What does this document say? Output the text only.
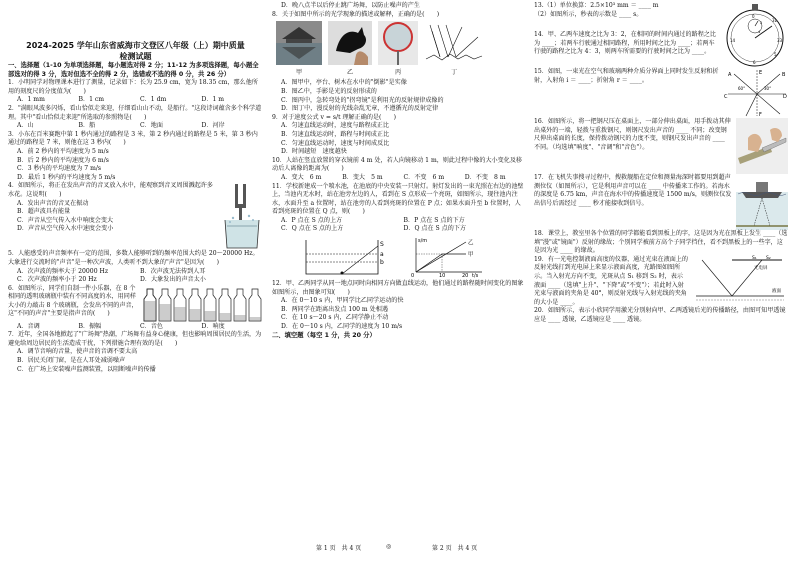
2024-2025 学年山东省威海市文登区八年级（上）期中质量
检测试题

一、选择题（1-10 为单项选择题，每小题选对得 2 分；11-12 为多项选择题，每小题全部选对的得 3 分，选对但选不全的得 2 分，选错或不选的得 0 分，共 26 分）

1．小明同学对物理课本进行了测量，记录如下：长为 25.9 cm，宽为 18.35 cm，那么他所用的刻度尺的分度值为(　　)

A．1 mm	B．1 cm	C．1 dm	D．1 m

2．"满眼风波多闪烁，看山恰似走来迎，仔细看山山不动，是船行。"这段诗词蕴含多个科学道理。其中"看山恰似走来迎"所选取的参照物是(　　)

A．山	B．船	C．地面	D．河岸

3．小东在百米赛跑中第 1 秒内通过的路程是 3 米，第 2 秒内通过的路程是 5 米，第 3 秒内通过的路程是 7 米，则他在这 3 秒内(　　)

A．前 2 秒内的平均速度为 5 m/s

B．后 2 秒内的平均速度为 6 m/s

C．3 秒内的平均速度为 7 m/s

D．最后 1 秒内的平均速度为 5 m/s

4．如图所示，将正在发出声音的音叉放入水中，能观察到音叉周围溅起许多水花。这说明(　　)

A．发出声音的音叉在振动

B．超声波具有能量

C．声音从空气传入水中响度会变大

D．声音从空气传入水中速度会变小

5．人能感受的声音频率有一定的范围，多数人能够听到的频率范围大约是 20～20000 Hz。大象进行交流时的"声音"是一种次声波，人类听不到大象的"声音"是因为(　　)

A．次声波的频率大于 20000 Hz	B．次声波无法传到人耳
C．次声波的频率小于 20 Hz	D．大象发出的声音太小

6．如图所示，同学们自制一件小乐器，在 8 个相同的透明玻璃瓶中装有不同高度的水，用同样大小的力敲击 8 个玻璃瓶，会发出不同的声音，这"不同的声音"主要是指声音的(　　)

A．音调	B．振幅	C．音色	D．响度

7．近年，全国各地掀起了"广场舞"热潮，广场舞有益身心健康，但也影响周围居民的生活，为避免给周边居民的生活造成干扰，下列措施合理有效的是(　　)

A．调节音响的音量，使声音的音调不要太高

B．居民关闭门窗，是在人耳处减弱噪声

C．在广场上安装噪声监测装置，以阻断噪声的传播

D．晚八点半以后停止跳广场舞，以防止噪声的产生

8．关于如图中所示的光学现象的描述或解释，正确的是(　　)

甲	乙	丙	丁

A．图甲中，亭台、树木在水中的"倒影"是实像

B．图乙中，手影是光的反射形成的

C．图丙中，急转弯处的"拐弯镜"是利用光的反射规律成像的

D．图丁中，漫反射的光线杂乱无章，不遵循光的反射定律

9．对于速度公式 v = s/t 理解正确的是(　　)

A．匀速直线运动时，速度与路程成正比

B．匀速直线运动时，路程与时间成正比

C．匀速直线运动时，速度与时间成反比

D．时间越短　速度越快

10．人站在竖直放置的穿衣镜前 4 m 处，若人向镜移动 1 m，则此过程中像的大小变化及移动后人离像的距离为(　　)

A．变大　6 m	B．变大　5 m	C．不变　6 m	D．不变　8 m

11．学校新建成一个喷水池，在池底的中央安装一只射灯。射灯发出的一束光照在右边的池壁上，当池内无水时，站在池旁左边的人，看到在 S 点形成一个亮斑，如图所示，现往池内注水，水面升至 a 位置时，站在池旁的人看到亮斑的位置在 P 点；如果水面升至 b 位置时，人看到亮斑的位置在 Q 点，则(　　)

A．P 点在 S 点的上方	B．P 点在 S 点的下方
C．Q 点在 S 点的上方	D．Q 点在 S 点的下方
S
a
b
乙
甲
s/m
t/s
0	10	20

12．甲、乙两同学从同一地点同时向相同方向做直线运动，他们通过的路程随时间变化的图象如图所示，由图象可知(　　)

A．在 0～10 s 内，甲同学比乙同学运动的快

B．两同学在距离出发点 100 m 处相遇

C．在 10 s～20 s 内，乙同学静止不动

D．在 0～10 s 内，乙同学的速度为 10 m/s

二、填空题（每空 1 分，共 20 分）

0
31
2
33
4
5
14
6

13.（1）单位换算：2.5×10³ mm ＝ ____ m

（2）如图所示，秒表的示数是 ____ s。

14．甲、乙两车速度之比为 3：2，在相同的时间内通过的路程之比为 ____；若两车行驶通过相同路程，所用时间之比为 ____；若两车行驶的路程之比为 4：3，则两车所需要的行驶时间之比为 ____。

A	B
C	D
E
F
60°	30°

15．如图，一束光在空气和玻璃两种介质分界面上同时发生反射和折射，入射角 i ＝ ____；折射角 r ＝ ____。

16．如图所示，将一把钢尺压在桌面上，一部分伸出桌面，用手拨动其伸出桌外的一端，轻拨与重拨钢尺，则钢尺发出声音的 ____ 不同；改变钢尺伸出桌面的长度，保持拨动钢尺的力度不变，则钢尺发出声音的 ____ 不同。（均选填"响度"、"音调"和"音色"）。

17．在飞机失事搜寻过程中，搜救舰船在定位和测量海深时都要用到超声测位仪（如图所示），它是利用声音可以在 ____ 中传播来工作的。若海水的深度是 6.75 km，声音在海水中的传播速度是 1500 m/s，则测位仪发出信号后需经过 ____ 秒才能接收到信号。

18．课堂上，教室里各个位置的同学都能看到黑板上的字，这是因为光在黑板上发生 ____（选填"漫"或"镜面"）反射的缘故；个别同学被前方高个子同学挡住，看不到黑板上的一些字，这是因为光 ____ 的缘故。

S₁ S₂
光电屏
液面

19．有一光电控制液面高度的仪器，通过光束在液面上的反射光线打到光电屏上来显示液面高度，光路图如图所示。当入射光方向不变，光斑从点 S₁ 移到 S₂ 时，表示液面 ____（选填"上升"、"下降"或"不变"）；若此时入射光束与液面的夹角是 40°，则反射光线与入射光线的夹角的大小是 ____。

20．如图所示，表示小欣同学用激光分别射向甲、乙两透镜后光的传播路径，由图可知甲透镜应是 ____ 透镜，乙透镜应是 ____ 透镜。

第 1 页　共 4 页	◎	第 2 页　共 4 页
